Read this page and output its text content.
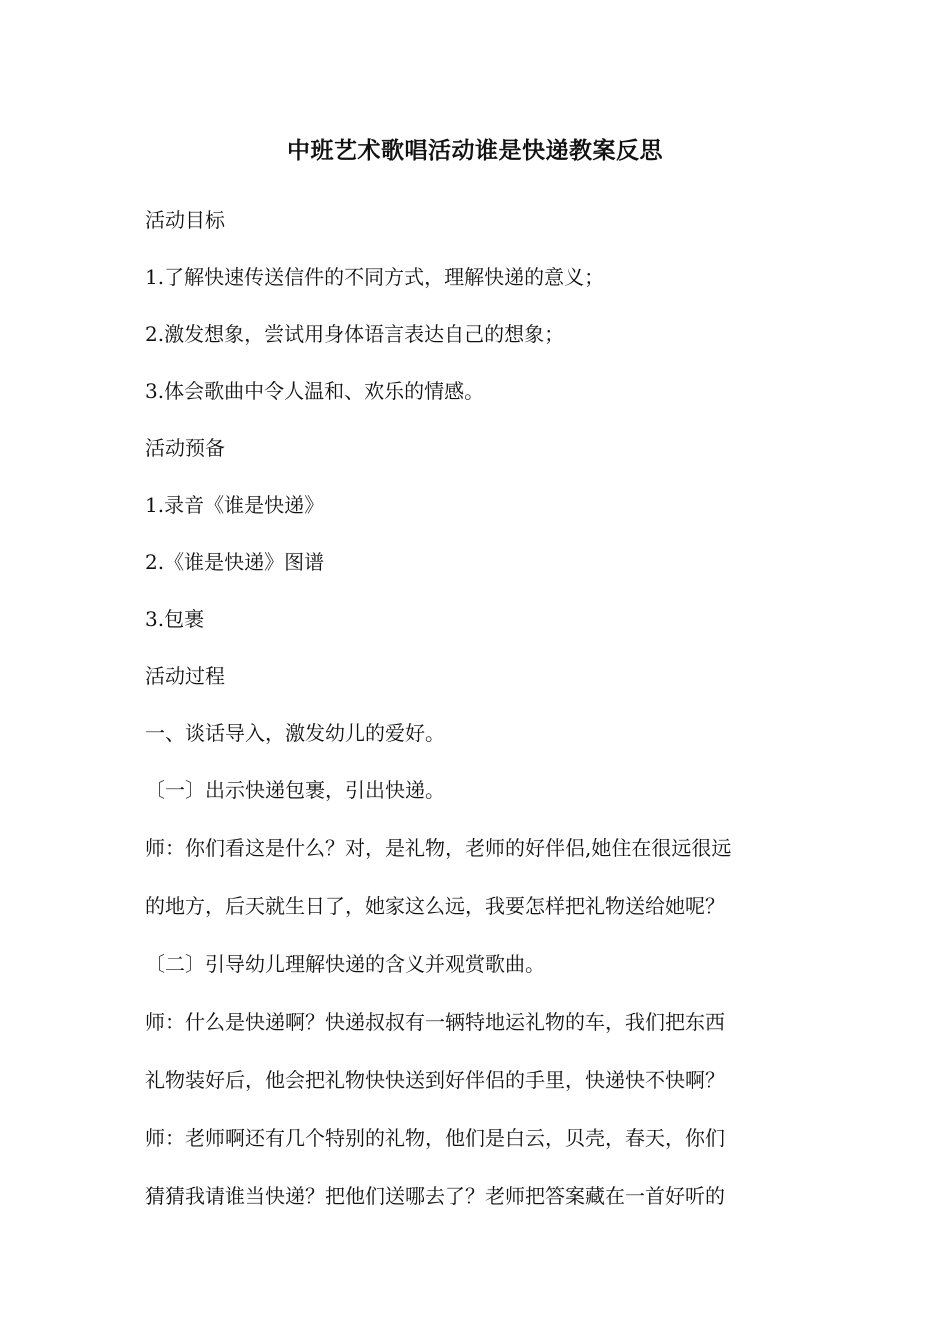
中班艺术歌唱活动谁是快递教案反思
活动目标
1.了解快速传送信件的不同方式，理解快递的意义；
2.激发想象，尝试用身体语言表达自己的想象；
3.体会歌曲中令人温和、欢乐的情感。
活动预备
1.录音《谁是快递》
2.《谁是快递》图谱
3.包裹
活动过程
一、谈话导入，激发幼儿的爱好。
〔一〕出示快递包裹，引出快递。
师：你们看这是什么？对，是礼物，老师的好伴侣,她住在很远很远
的地方，后天就生日了，她家这么远，我要怎样把礼物送给她呢？
〔二〕引导幼儿理解快递的含义并观赏歌曲。
师：什么是快递啊？快递叔叔有一辆特地运礼物的车，我们把东西
礼物装好后，他会把礼物快快送到好伴侣的手里，快递快不快啊？
师：老师啊还有几个特别的礼物，他们是白云，贝壳，春天，你们
猜猜我请谁当快递？把他们送哪去了？老师把答案藏在一首好听的
